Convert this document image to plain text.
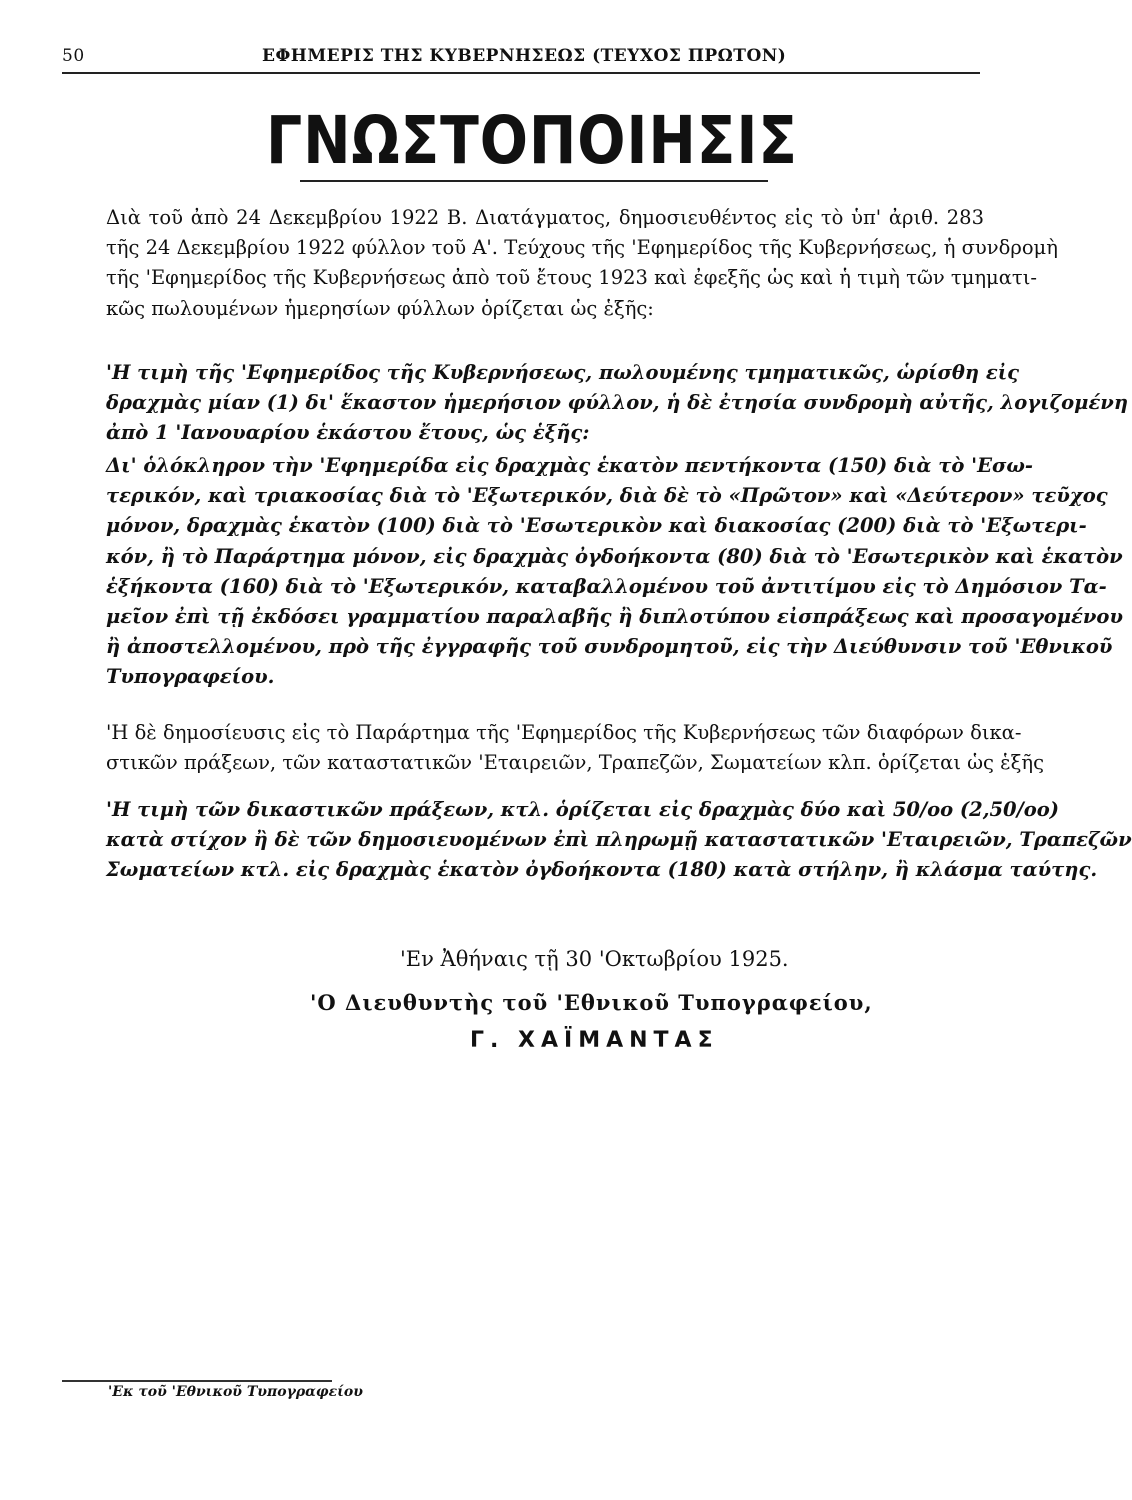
50	ΕΦΗΜΕΡΙΣ ΤΗΣ ΚΥΒΕΡΝΗΣΕΩΣ (ΤΕΥΧΟΣ ΠΡΩΤΟΝ)
ΓΝΩΣΤΟΠΟΙΗΣΙΣ
Διὰ τοῦ ἀπὸ 24 Δεκεμβρίου 1922 Β. Διατάγματος, δημοσιευθέντος εἰς τὸ ὑπ' ἀριθ. 283
τῆς 24 Δεκεμβρίου 1922 φύλλον τοῦ Α'. Τεύχους τῆς 'Εφημερίδος τῆς Κυβερνήσεως, ἡ συνδρομὴ
τῆς 'Εφημερίδος τῆς Κυβερνήσεως ἀπὸ τοῦ ἔτους 1923 καὶ ἐφεξῆς ὡς καὶ ἡ τιμὴ τῶν τμηματι-
κῶς πωλουμένων ἡμερησίων φύλλων ὁρίζεται ὡς ἑξῆς:
'Η τιμὴ τῆς 'Εφημερίδος τῆς Κυβερνήσεως, πωλουμένης τμηματικῶς, ὡρίσθη εἰς
δραχμὰς μίαν (1) δι' ἕκαστον ἡμερήσιον φύλλον, ἡ δὲ ἐτησία συνδρομὴ αὐτῆς, λογιζομένη
ἀπὸ 1 'Ιανουαρίου ἑκάστου ἔτους, ὡς ἑξῆς:
Δι' ὁλόκληρον τὴν 'Εφημερίδα εἰς δραχμὰς ἑκατὸν πεντήκοντα (150) διὰ τὸ 'Εσω-
τερικόν, καὶ τριακοσίας διὰ τὸ 'Εξωτερικόν, διὰ δὲ τὸ «Πρῶτον» καὶ «Δεύτερον» τεῦχος
μόνον, δραχμὰς ἑκατὸν (100) διὰ τὸ 'Εσωτερικὸν καὶ διακοσίας (200) διὰ τὸ 'Εξωτερι-
κόν, ἢ τὸ Παράρτημα μόνον, εἰς δραχμὰς ὀγδοήκοντα (80) διὰ τὸ 'Εσωτερικὸν καὶ ἑκατὸν
ἑξήκοντα (160) διὰ τὸ 'Εξωτερικόν, καταβαλλομένου τοῦ ἀντιτίμου εἰς τὸ Δημόσιον Τα-
μεῖον ἐπὶ τῇ ἐκδόσει γραμματίου παραλαβῆς ἢ διπλοτύπου εἰσπράξεως καὶ προσαγομένου
ἢ ἀποστελλομένου, πρὸ τῆς ἐγγραφῆς τοῦ συνδρομητοῦ, εἰς τὴν Διεύθυνσιν τοῦ 'Εθνικοῦ
Τυπογραφείου.
'Η δὲ δημοσίευσις εἰς τὸ Παράρτημα τῆς 'Εφημερίδος τῆς Κυβερνήσεως τῶν διαφόρων δικα-
στικῶν πράξεων, τῶν καταστατικῶν 'Εταιρειῶν, Τραπεζῶν, Σωματείων κλπ. ὁρίζεται ὡς ἑξῆς
'Η τιμὴ τῶν δικαστικῶν πράξεων, κτλ. ὁρίζεται εἰς δραχμὰς δύο καὶ 50/οο (2,50/οο)
κατὰ στίχον ἢ δὲ τῶν δημοσιευομένων ἐπὶ πληρωμῇ καταστατικῶν 'Εταιρειῶν, Τραπεζῶν
Σωματείων κτλ. εἰς δραχμὰς ἑκατὸν ὀγδοήκοντα (180) κατὰ στήλην, ἢ κλάσμα ταύτης.
'Εν Ἀθήναις τῇ 30 'Οκτωβρίου 1925.
'Ο Διευθυντὴς τοῦ 'Εθνικοῦ Τυπογραφείου,
Γ. ΧΑΪΜΑΝΤΑΣ
'Εκ τοῦ 'Εθνικοῦ Τυπογραφείου
